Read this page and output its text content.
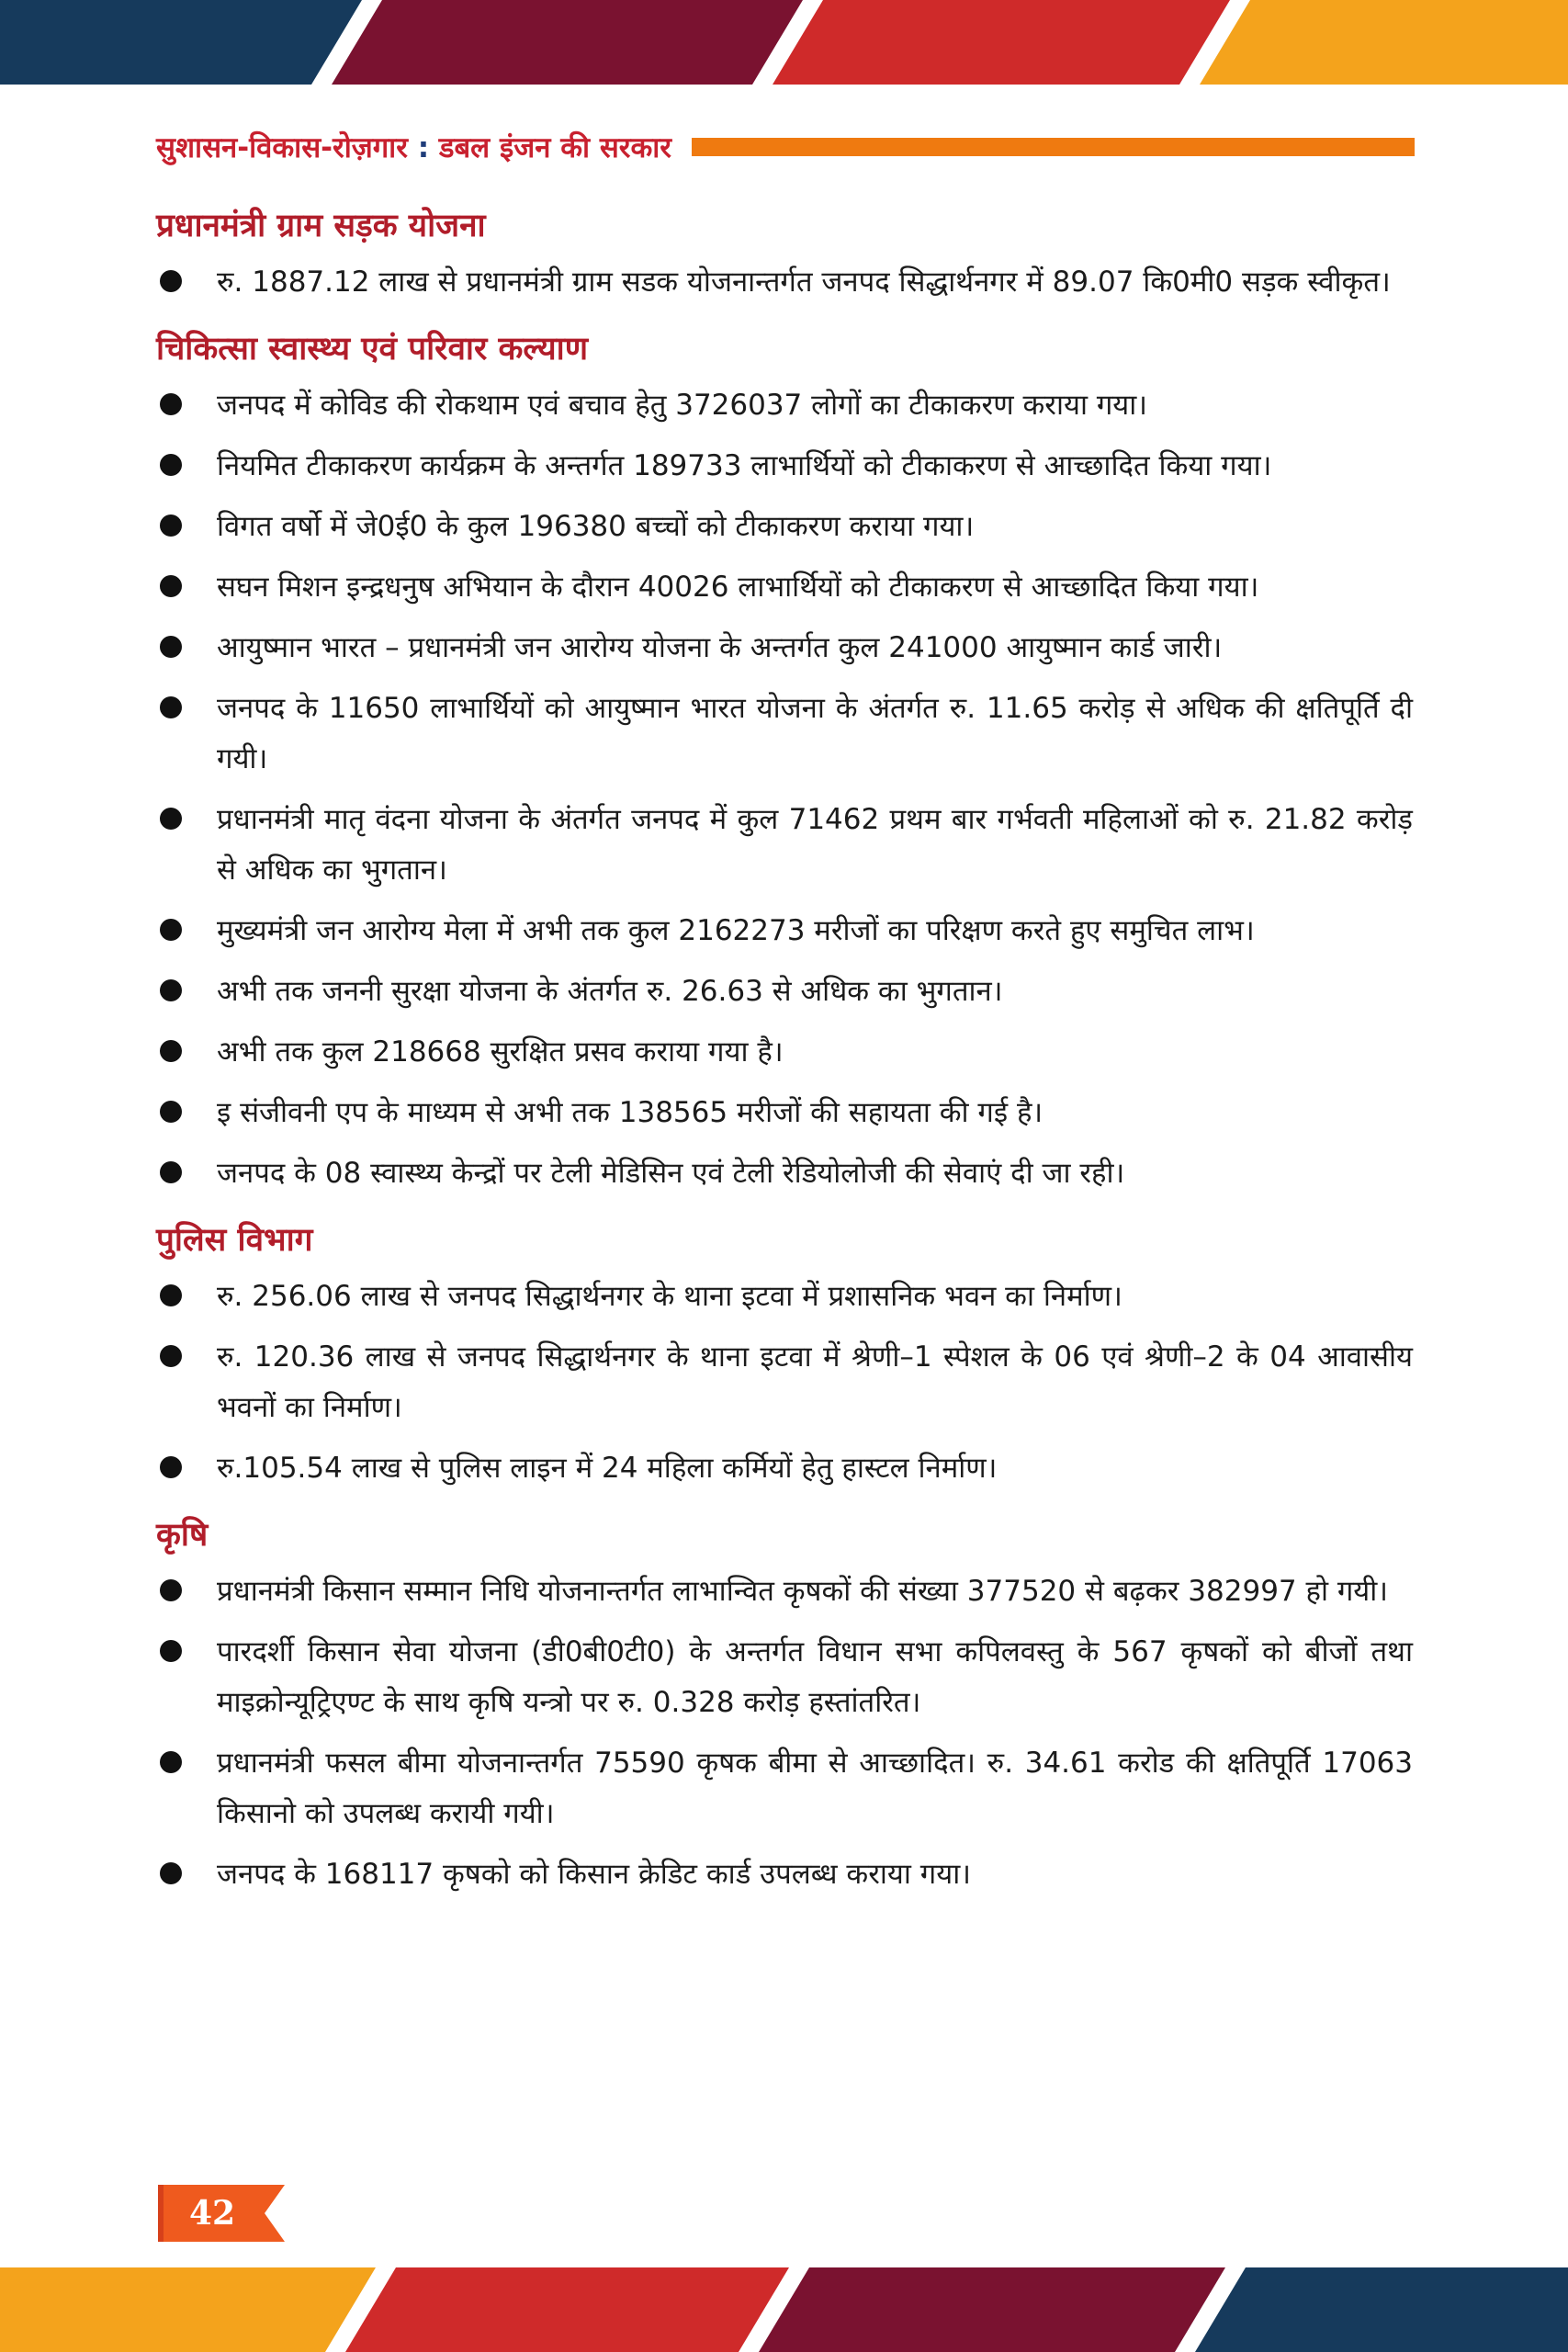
सुशासन-विकास-रोज़गार : डबल इंजन की सरकार
प्रधानमंत्री ग्राम सड़क योजना
रु. 1887.12 लाख से प्रधानमंत्री ग्राम सडक योजनान्तर्गत जनपद सिद्धार्थनगर में 89.07 कि0मी0 सड़क स्वीकृत।
चिकित्सा स्वास्थ्य एवं परिवार कल्याण
जनपद में कोविड की रोकथाम एवं बचाव हेतु 3726037 लोगों का टीकाकरण कराया गया।
नियमित टीकाकरण कार्यक्रम के अन्तर्गत 189733 लाभार्थियों को टीकाकरण से आच्छादित किया गया।
विगत वर्षो में जे0ई0 के कुल 196380 बच्चों को टीकाकरण कराया गया।
सघन मिशन इन्द्रधनुष अभियान के दौरान 40026 लाभार्थियों को टीकाकरण से आच्छादित किया गया।
आयुष्मान भारत – प्रधानमंत्री जन आरोग्य योजना के अन्तर्गत कुल 241000 आयुष्मान कार्ड जारी।
जनपद के 11650 लाभार्थियों को आयुष्मान भारत योजना के अंतर्गत रु. 11.65 करोड़ से अधिक की क्षतिपूर्ति दी गयी।
प्रधानमंत्री मातृ वंदना योजना के अंतर्गत जनपद में कुल 71462 प्रथम बार गर्भवती महिलाओं को रु. 21.82 करोड़ से अधिक का भुगतान।
मुख्यमंत्री जन आरोग्य मेला में अभी तक कुल 2162273 मरीजों का परिक्षण करते हुए समुचित लाभ।
अभी तक जननी सुरक्षा योजना के अंतर्गत रु. 26.63 से अधिक का भुगतान।
अभी तक कुल 218668 सुरक्षित प्रसव कराया गया है।
इ संजीवनी एप के माध्यम से अभी तक 138565 मरीजों की सहायता की गई है।
जनपद के 08 स्वास्थ्य केन्द्रों पर टेली मेडिसिन एवं टेली रेडियोलोजी की सेवाएं दी जा रही।
पुलिस विभाग
रु. 256.06 लाख से जनपद सिद्धार्थनगर के थाना इटवा में प्रशासनिक भवन का निर्माण।
रु. 120.36 लाख से जनपद सिद्धार्थनगर के थाना इटवा में श्रेणी–1 स्पेशल के 06 एवं श्रेणी–2 के 04 आवासीय भवनों का निर्माण।
रु.105.54 लाख से पुलिस लाइन में 24 महिला कर्मियों हेतु हास्टल निर्माण।
कृषि
प्रधानमंत्री किसान सम्मान निधि योजनान्तर्गत लाभान्वित कृषकों की संख्या 377520 से बढ़कर 382997 हो गयी।
पारदर्शी किसान सेवा योजना (डी0बी0टी0) के अन्तर्गत विधान सभा कपिलवस्तु के 567 कृषकों को बीजों तथा माइक्रोन्यूट्रिएण्ट के साथ कृषि यन्त्रो पर रु. 0.328 करोड़ हस्तांतरित।
प्रधानमंत्री फसल बीमा योजनान्तर्गत 75590 कृषक बीमा से आच्छादित। रु. 34.61 करोड की क्षतिपूर्ति 17063 किसानो को उपलब्ध करायी गयी।
जनपद के 168117 कृषको को किसान क्रेडिट कार्ड उपलब्ध कराया गया।
42
